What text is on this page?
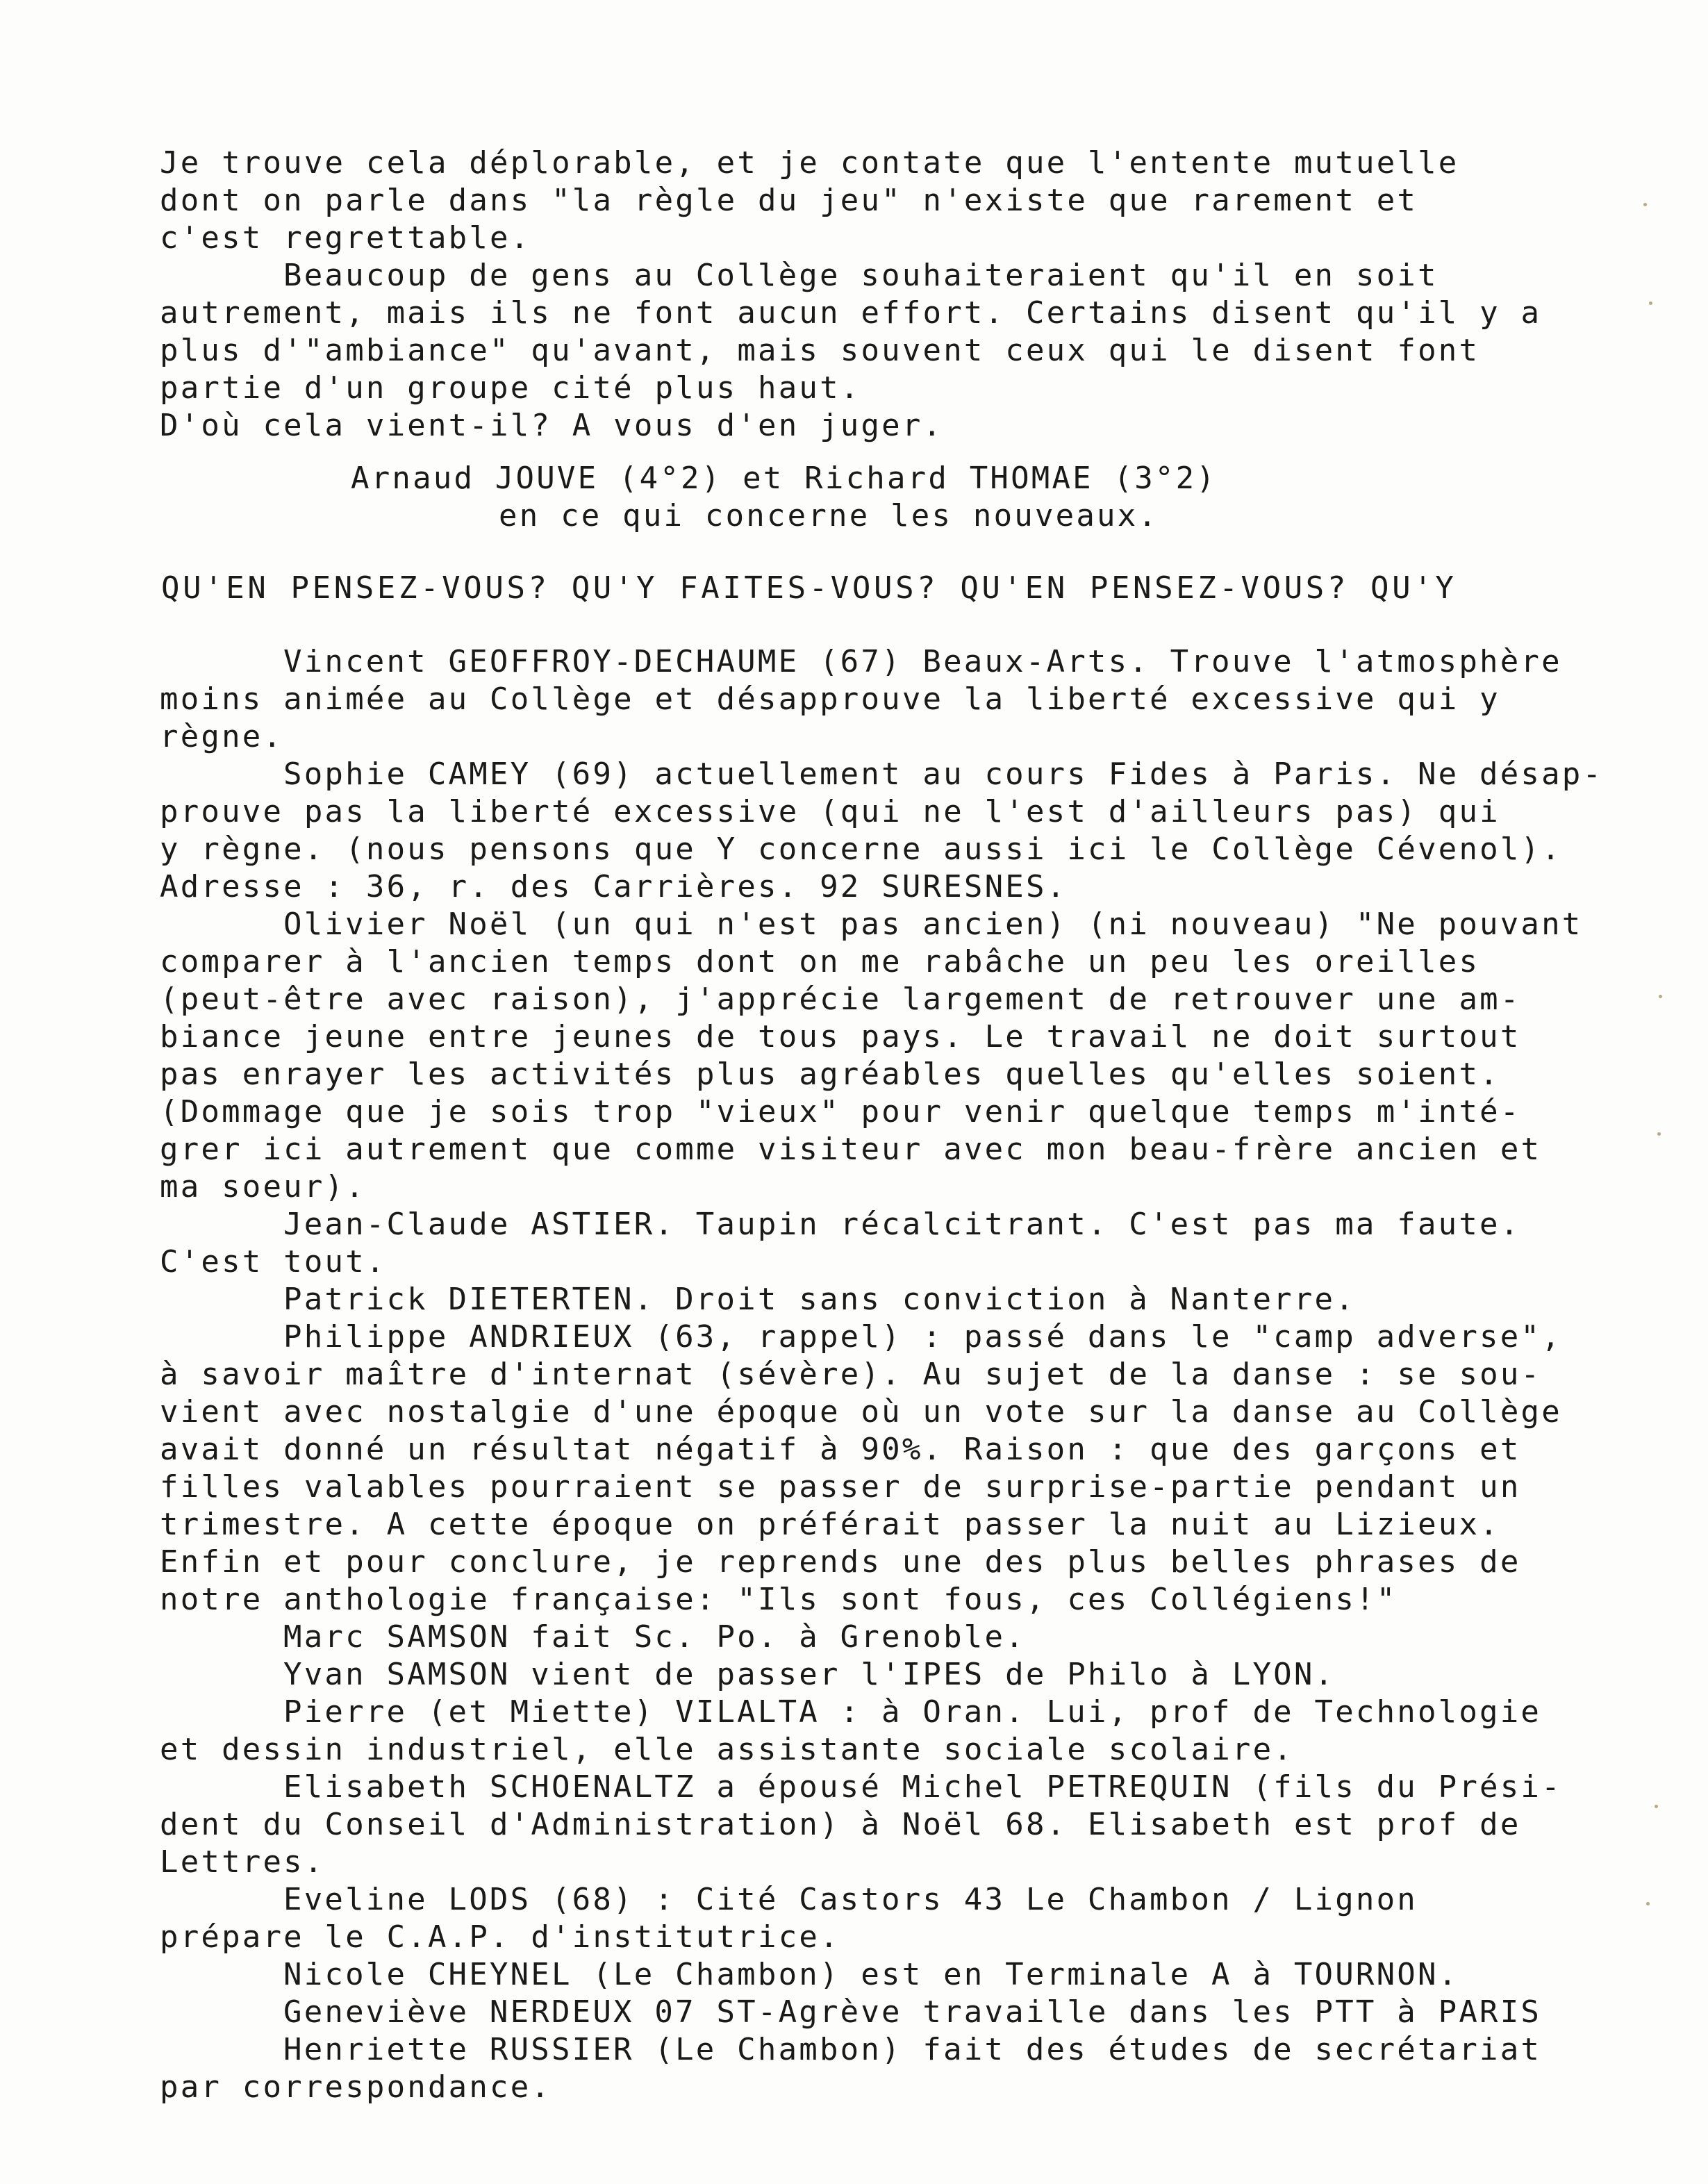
Je trouve cela déplorable, et je contate que l'entente mutuelle
dont on parle dans "la règle du jeu" n'existe que rarement et
c'est regrettable.
Beaucoup de gens au Collège souhaiteraient qu'il en soit
autrement, mais ils ne font aucun effort. Certains disent qu'il y a
plus d'"ambiance" qu'avant, mais souvent ceux qui le disent font
partie d'un groupe cité plus haut.
D'où cela vient-il? A vous d'en juger.
Arnaud JOUVE (4°2) et Richard THOMAE (3°2)
en ce qui concerne les nouveaux.
QU'EN PENSEZ-VOUS? QU'Y FAITES-VOUS? QU'EN PENSEZ-VOUS? QU'Y
Vincent GEOFFROY-DECHAUME (67) Beaux-Arts. Trouve l'atmosphère
moins animée au Collège et désapprouve la liberté excessive qui y
règne.
Sophie CAMEY (69) actuellement au cours Fides à Paris. Ne désap-
prouve pas la liberté excessive (qui ne l'est d'ailleurs pas) qui
y règne. (nous pensons que Y concerne aussi ici le Collège Cévenol).
Adresse : 36, r. des Carrières. 92 SURESNES.
Olivier Noël (un qui n'est pas ancien) (ni nouveau) "Ne pouvant
comparer à l'ancien temps dont on me rabâche un peu les oreilles
(peut-être avec raison), j'apprécie largement de retrouver une am-
biance jeune entre jeunes de tous pays. Le travail ne doit surtout
pas enrayer les activités plus agréables quelles qu'elles soient.
(Dommage que je sois trop "vieux" pour venir quelque temps m'inté-
grer ici autrement que comme visiteur avec mon beau-frère ancien et
ma soeur).
Jean-Claude ASTIER. Taupin récalcitrant. C'est pas ma faute.
C'est tout.
Patrick DIETERTEN. Droit sans conviction à Nanterre.
Philippe ANDRIEUX (63, rappel) : passé dans le "camp adverse",
à savoir maître d'internat (sévère). Au sujet de la danse : se sou-
vient avec nostalgie d'une époque où un vote sur la danse au Collège
avait donné un résultat négatif à 90%. Raison : que des garçons et
filles valables pourraient se passer de surprise-partie pendant un
trimestre. A cette époque on préférait passer la nuit au Lizieux.
Enfin et pour conclure, je reprends une des plus belles phrases de
notre anthologie française: "Ils sont fous, ces Collégiens!"
Marc SAMSON fait Sc. Po. à Grenoble.
Yvan SAMSON vient de passer l'IPES de Philo à LYON.
Pierre (et Miette) VILALTA : à Oran. Lui, prof de Technologie
et dessin industriel, elle assistante sociale scolaire.
Elisabeth SCHOENALTZ a épousé Michel PETREQUIN (fils du Prési-
dent du Conseil d'Administration) à Noël 68. Elisabeth est prof de
Lettres.
Eveline LODS (68) : Cité Castors 43 Le Chambon / Lignon
prépare le C.A.P. d'institutrice.
Nicole CHEYNEL (Le Chambon) est en Terminale A à TOURNON.
Geneviève NERDEUX 07 ST-Agrève travaille dans les PTT à PARIS
Henriette RUSSIER (Le Chambon) fait des études de secrétariat
par correspondance.
